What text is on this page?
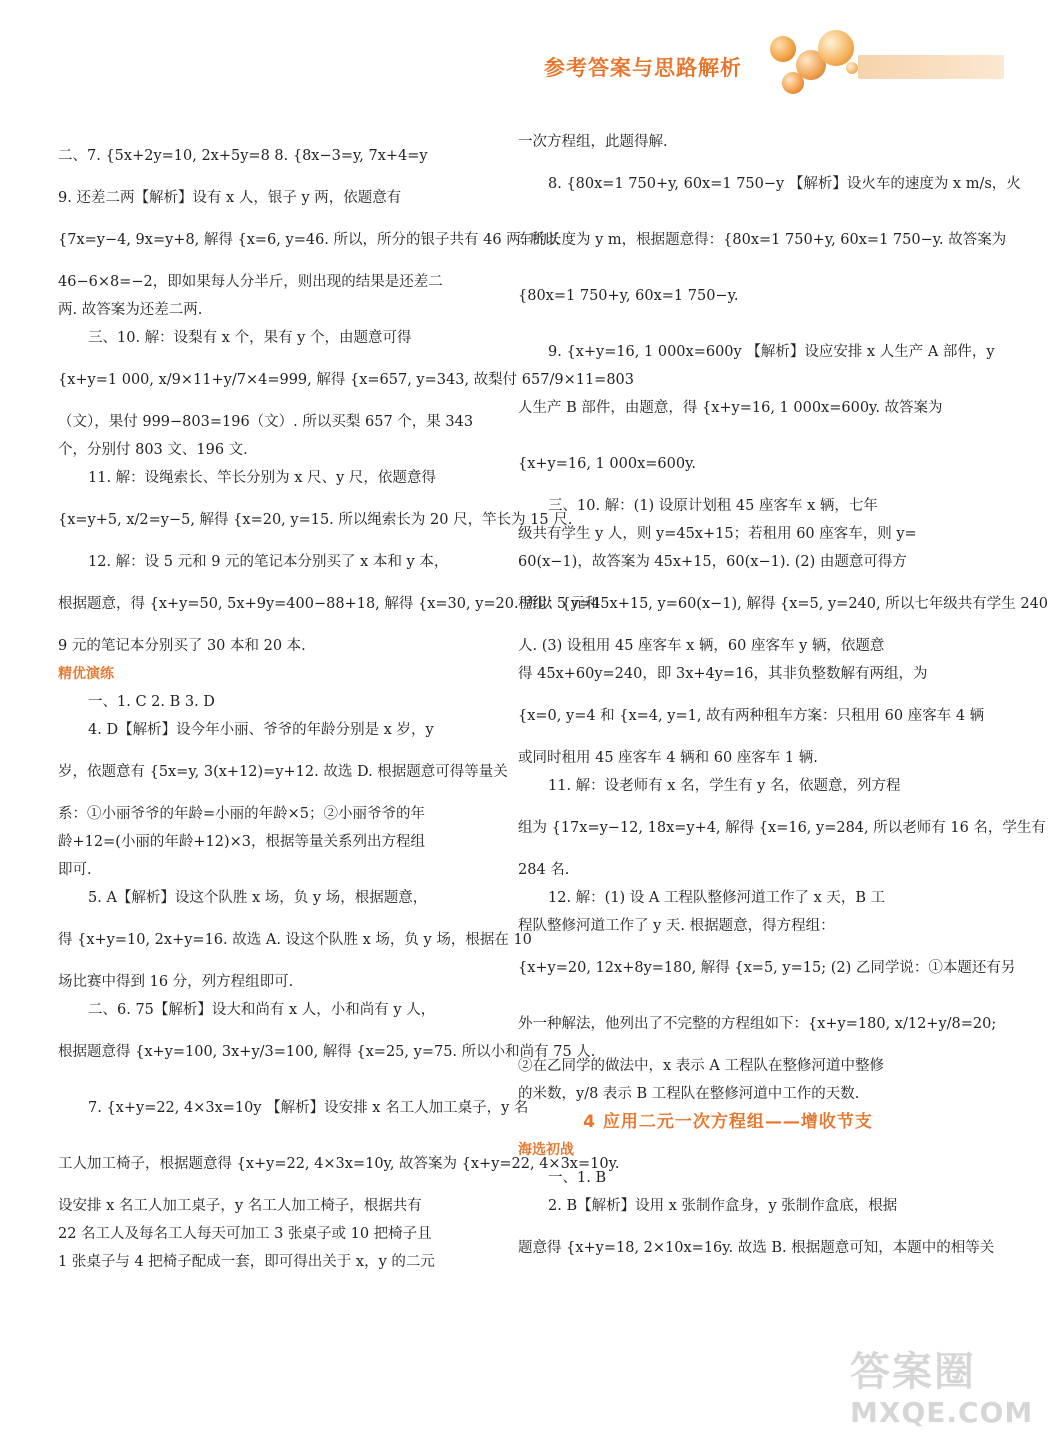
参考答案与思路解析
二、7. {5x+2y=10, 2x+5y=8 8. {8x−3=y, 7x+4=y
9. 还差二两【解析】设有 x 人，银子 y 两，依题意有
{7x=y−4, 9x=y+8, 解得 {x=6, y=46. 所以，所分的银子共有 46 两. 所以
46−6×8=−2，即如果每人分半斤，则出现的结果是还差二
两. 故答案为还差二两.
三、10. 解：设梨有 x 个，果有 y 个，由题意可得
{x+y=1 000, x/9×11+y/7×4=999, 解得 {x=657, y=343, 故梨付 657/9×11=803
（文），果付 999−803=196（文）. 所以买梨 657 个，果 343
个，分别付 803 文、196 文.
11. 解：设绳索长、竿长分别为 x 尺、y 尺，依题意得
{x=y+5, x/2=y−5, 解得 {x=20, y=15. 所以绳索长为 20 尺，竿长为 15 尺.
12. 解：设 5 元和 9 元的笔记本分别买了 x 本和 y 本，
根据题意，得 {x+y=50, 5x+9y=400−88+18, 解得 {x=30, y=20. 所以 5 元和
9 元的笔记本分别买了 30 本和 20 本.
精优演练
一、1. C 2. B 3. D
4. D【解析】设今年小丽、爷爷的年龄分别是 x 岁，y
岁，依题意有 {5x=y, 3(x+12)=y+12. 故选 D. 根据题意可得等量关
系：①小丽爷爷的年龄=小丽的年龄×5；②小丽爷爷的年
龄+12=(小丽的年龄+12)×3，根据等量关系列出方程组
即可.
5. A【解析】设这个队胜 x 场，负 y 场，根据题意，
得 {x+y=10, 2x+y=16. 故选 A. 设这个队胜 x 场，负 y 场，根据在 10
场比赛中得到 16 分，列方程组即可.
二、6. 75【解析】设大和尚有 x 人，小和尚有 y 人，
根据题意得 {x+y=100, 3x+y/3=100, 解得 {x=25, y=75. 所以小和尚有 75 人.
7. {x+y=22, 4×3x=10y 【解析】设安排 x 名工人加工桌子，y 名
工人加工椅子，根据题意得 {x+y=22, 4×3x=10y, 故答案为 {x+y=22, 4×3x=10y.
设安排 x 名工人加工桌子，y 名工人加工椅子，根据共有
22 名工人及每名工人每天可加工 3 张桌子或 10 把椅子且
1 张桌子与 4 把椅子配成一套，即可得出关于 x，y 的二元
一次方程组，此题得解.
8. {80x=1 750+y, 60x=1 750−y 【解析】设火车的速度为 x m/s，火
车的长度为 y m，根据题意得：{80x=1 750+y, 60x=1 750−y. 故答案为
{80x=1 750+y, 60x=1 750−y.
9. {x+y=16, 1 000x=600y 【解析】设应安排 x 人生产 A 部件，y
人生产 B 部件，由题意，得 {x+y=16, 1 000x=600y. 故答案为
{x+y=16, 1 000x=600y.
三、10. 解：(1) 设原计划租 45 座客车 x 辆，七年
级共有学生 y 人，则 y=45x+15；若租用 60 座客车，则 y=
60(x−1)，故答案为 45x+15，60(x−1). (2) 由题意可得方
程组：{y=45x+15, y=60(x−1), 解得 {x=5, y=240, 所以七年级共有学生 240
人. (3) 设租用 45 座客车 x 辆，60 座客车 y 辆，依题意
得 45x+60y=240，即 3x+4y=16，其非负整数解有两组，为
{x=0, y=4 和 {x=4, y=1, 故有两种租车方案：只租用 60 座客车 4 辆
或同时租用 45 座客车 4 辆和 60 座客车 1 辆.
11. 解：设老师有 x 名，学生有 y 名，依题意，列方程
组为 {17x=y−12, 18x=y+4, 解得 {x=16, y=284, 所以老师有 16 名，学生有
284 名.
12. 解：(1) 设 A 工程队整修河道工作了 x 天，B 工
程队整修河道工作了 y 天. 根据题意，得方程组：
{x+y=20, 12x+8y=180, 解得 {x=5, y=15; (2) 乙同学说：①本题还有另
外一种解法，他列出了不完整的方程组如下：{x+y=180, x/12+y/8=20;
②在乙同学的做法中，x 表示 A 工程队在整修河道中整修
的米数，y/8 表示 B 工程队在整修河道中工作的天数.
4 应用二元一次方程组——增收节支
海选初战
一、1. B
2. B【解析】设用 x 张制作盒身，y 张制作盒底，根据
题意得 {x+y=18, 2×10x=16y. 故选 B. 根据题意可知，本题中的相等关
答案圈
MXQE.COM
